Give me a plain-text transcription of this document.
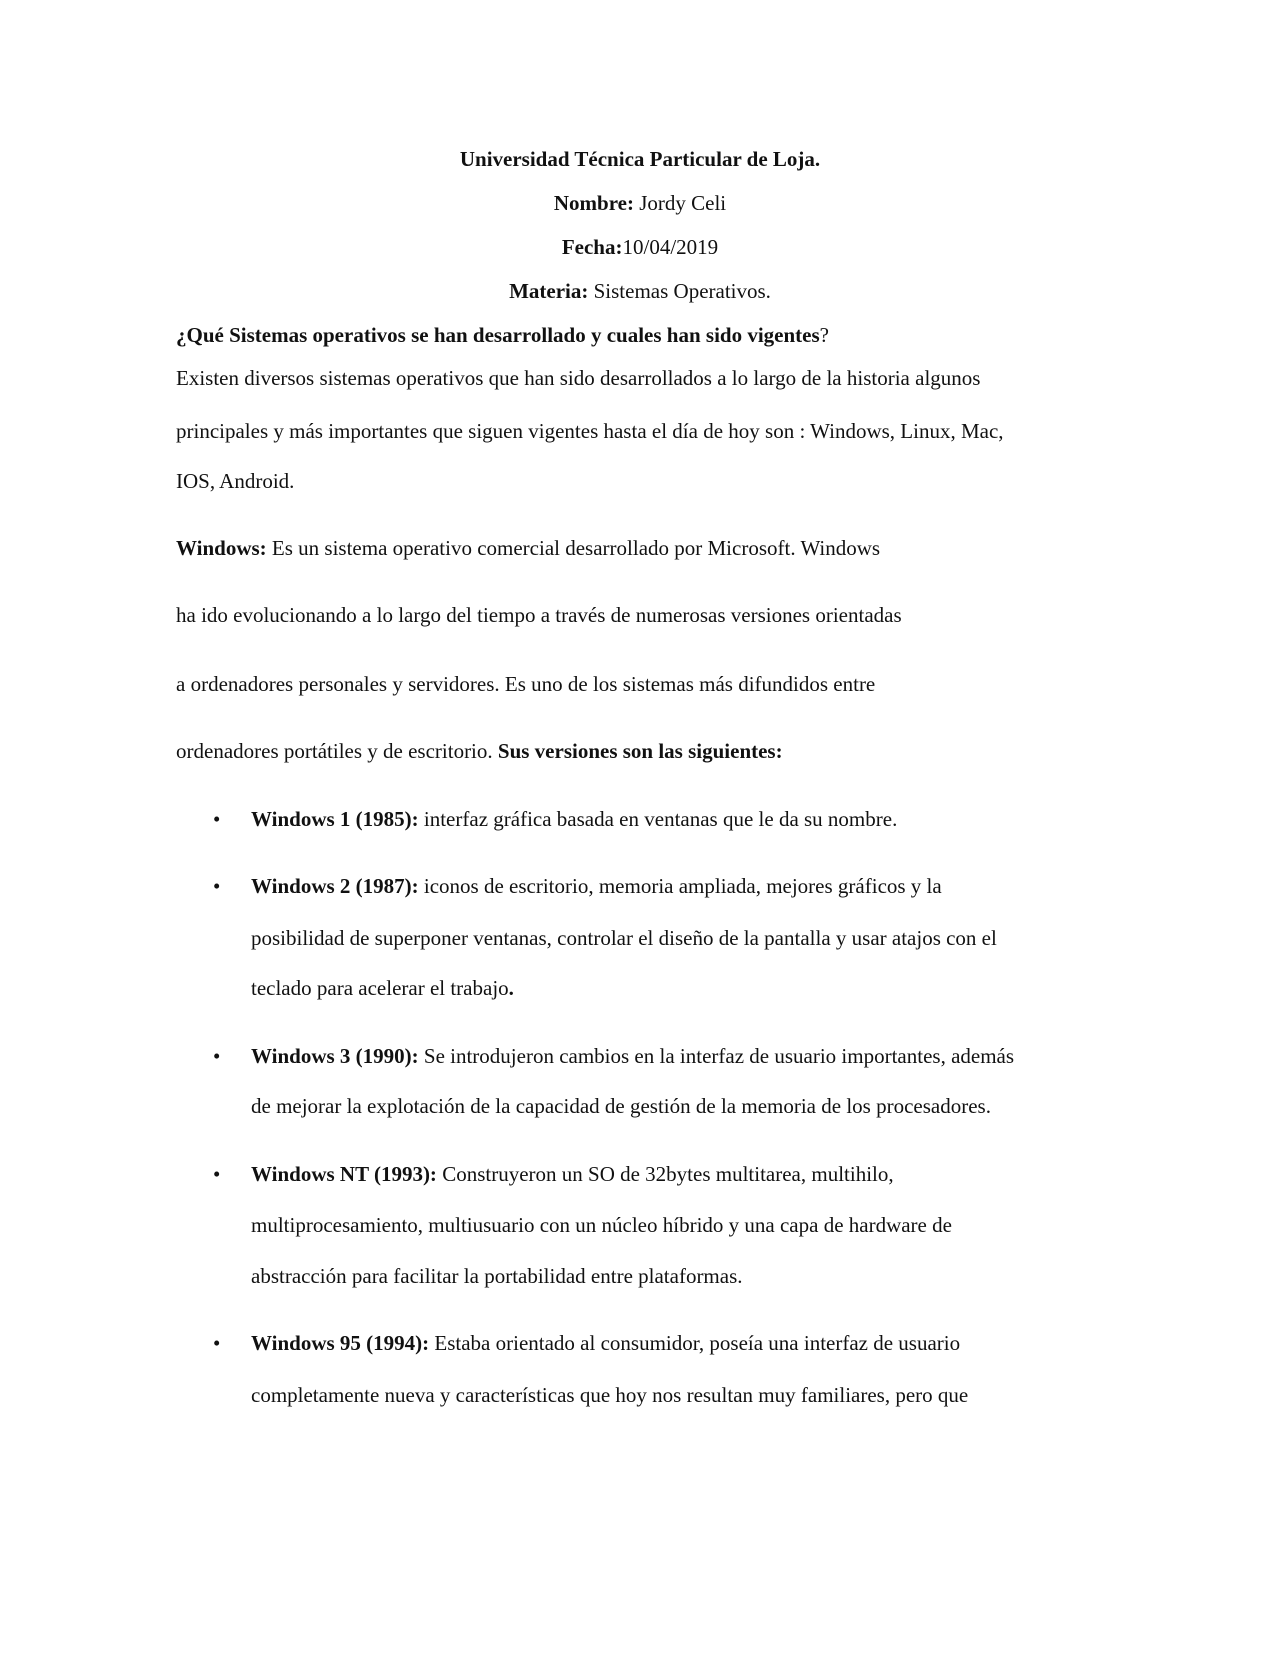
Universidad Técnica Particular de Loja.
Nombre: Jordy Celi
Fecha:10/04/2019
Materia: Sistemas Operativos.
¿Qué Sistemas operativos se han desarrollado y cuales han sido vigentes?
Existen diversos sistemas operativos que han sido desarrollados a lo largo de la historia algunos
principales y más importantes que siguen vigentes hasta el día de hoy son : Windows, Linux, Mac,
IOS, Android.
Windows: Es un sistema operativo comercial desarrollado por Microsoft. Windows
ha ido evolucionando a lo largo del tiempo a través de numerosas versiones orientadas
a ordenadores personales y servidores. Es uno de los sistemas más difundidos entre
ordenadores portátiles y de escritorio. Sus versiones son las siguientes:
• Windows 1 (1985): interfaz gráfica basada en ventanas que le da su nombre.
• Windows 2 (1987): iconos de escritorio, memoria ampliada, mejores gráficos y la
posibilidad de superponer ventanas, controlar el diseño de la pantalla y usar atajos con el
teclado para acelerar el trabajo.
• Windows 3 (1990): Se introdujeron cambios en la interfaz de usuario importantes, además
de mejorar la explotación de la capacidad de gestión de la memoria de los procesadores.
• Windows NT (1993): Construyeron un SO de 32bytes multitarea, multihilo,
multiprocesamiento, multiusuario con un núcleo híbrido y una capa de hardware de
abstracción para facilitar la portabilidad entre plataformas.
• Windows 95 (1994): Estaba orientado al consumidor, poseía una interfaz de usuario
completamente nueva y características que hoy nos resultan muy familiares, pero que
